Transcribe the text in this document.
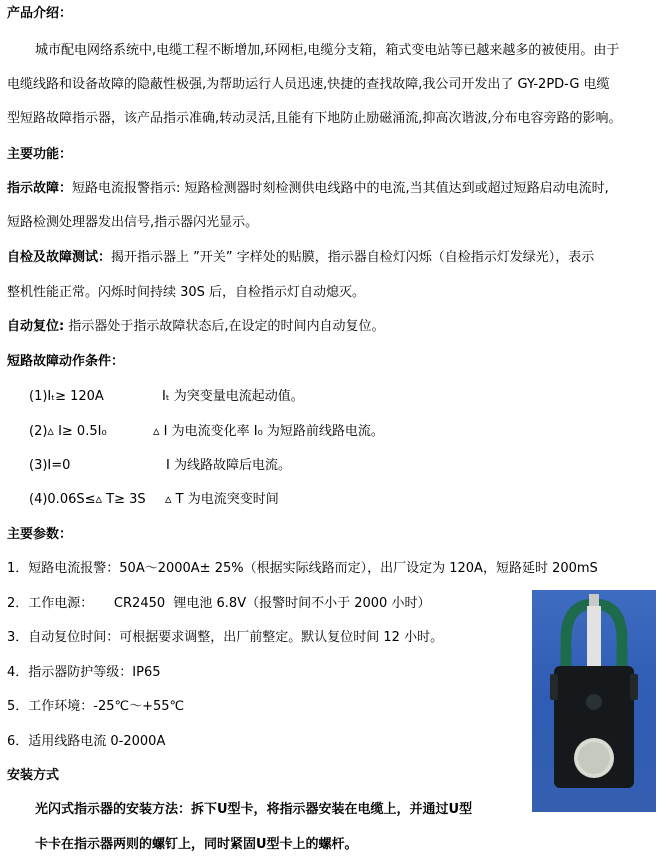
产品介绍：
城市配电网络系统中,电缆工程不断增加,环网柜,电缆分支箱，箱式变电站等已越来越多的被使用。由于
电缆线路和设备故障的隐蔽性极强,为帮助运行人员迅速,快捷的查找故障,我公司开发出了 GY-2PD-G 电缆
型短路故障指示器，该产品指示准确,转动灵活,且能有下地防止励磁涌流,抑高次谐波,分布电容旁路的影响。
主要功能：
指示故障：短路电流报警指示: 短路检测器时刻检测供电线路中的电流,当其值达到或超过短路启动电流时,
短路检测处理器发出信号,指示器闪光显示。
自检及故障测试：揭开指示器上 ”开关” 字样处的贴膜，指示器自检灯闪烁（自检指示灯发绿光），表示
整机性能正常。闪烁时间持续 30S 后，自检指示灯自动熄灭。
自动复位: 指示器处于指示故障状态后,在设定的时间内自动复位。
短路故障动作条件：
(1)Iₜ≥ 120A	Iₜ 为突变量电流起动值。
(2)▵ I≥ 0.5I₀	▵ I 为电流变化率 I₀ 为短路前线路电流。
(3)I=0	I 为线路故障后电流。
(4)0.06S≤▵ T≥ 3S ▵ T 为电流突变时间
主要参数：
1．短路电流报警：50A～2000A± 25%（根据实际线路而定），出厂设定为 120A，短路延时 200mS
2．工作电源：     CR2450  锂电池 6.8V（报警时间不小于 2000 小时）
3．自动复位时间：可根据要求调整，出厂前整定。默认复位时间 12 小时。
4．指示器防护等级：IP65
5．工作环境：-25℃～+55℃
6．适用线路电流 0-2000A
安装方式
光闪式指示器的安装方法：拆下U型卡，将指示器安装在电缆上，并通过U型
卡卡在指示器两则的螺钉上，同时紧固U型卡上的螺杆。
